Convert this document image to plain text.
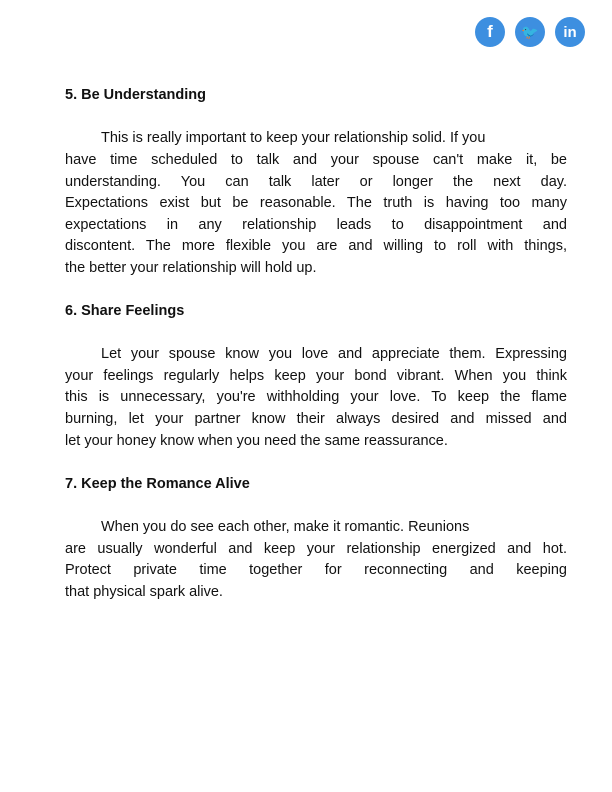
f	🐦	in
5. Be Understanding
This is really important to keep your relationship solid. If you
have time scheduled to talk and your spouse can't make it, be
understanding. You can talk later or longer the next day.
Expectations exist but be reasonable. The truth is having too many
expectations in any relationship leads to disappointment and
discontent. The more flexible you are and willing to roll with things,
the better your relationship will hold up.
6. Share Feelings
Let your spouse know you love and appreciate them. Expressing
your feelings regularly helps keep your bond vibrant. When you think
this is unnecessary, you're withholding your love. To keep the flame
burning, let your partner know their always desired and missed and
let your honey know when you need the same reassurance.
7. Keep the Romance Alive
When you do see each other, make it romantic. Reunions
are usually wonderful and keep your relationship energized and hot.
Protect private time together for reconnecting and keeping
that physical spark alive.
